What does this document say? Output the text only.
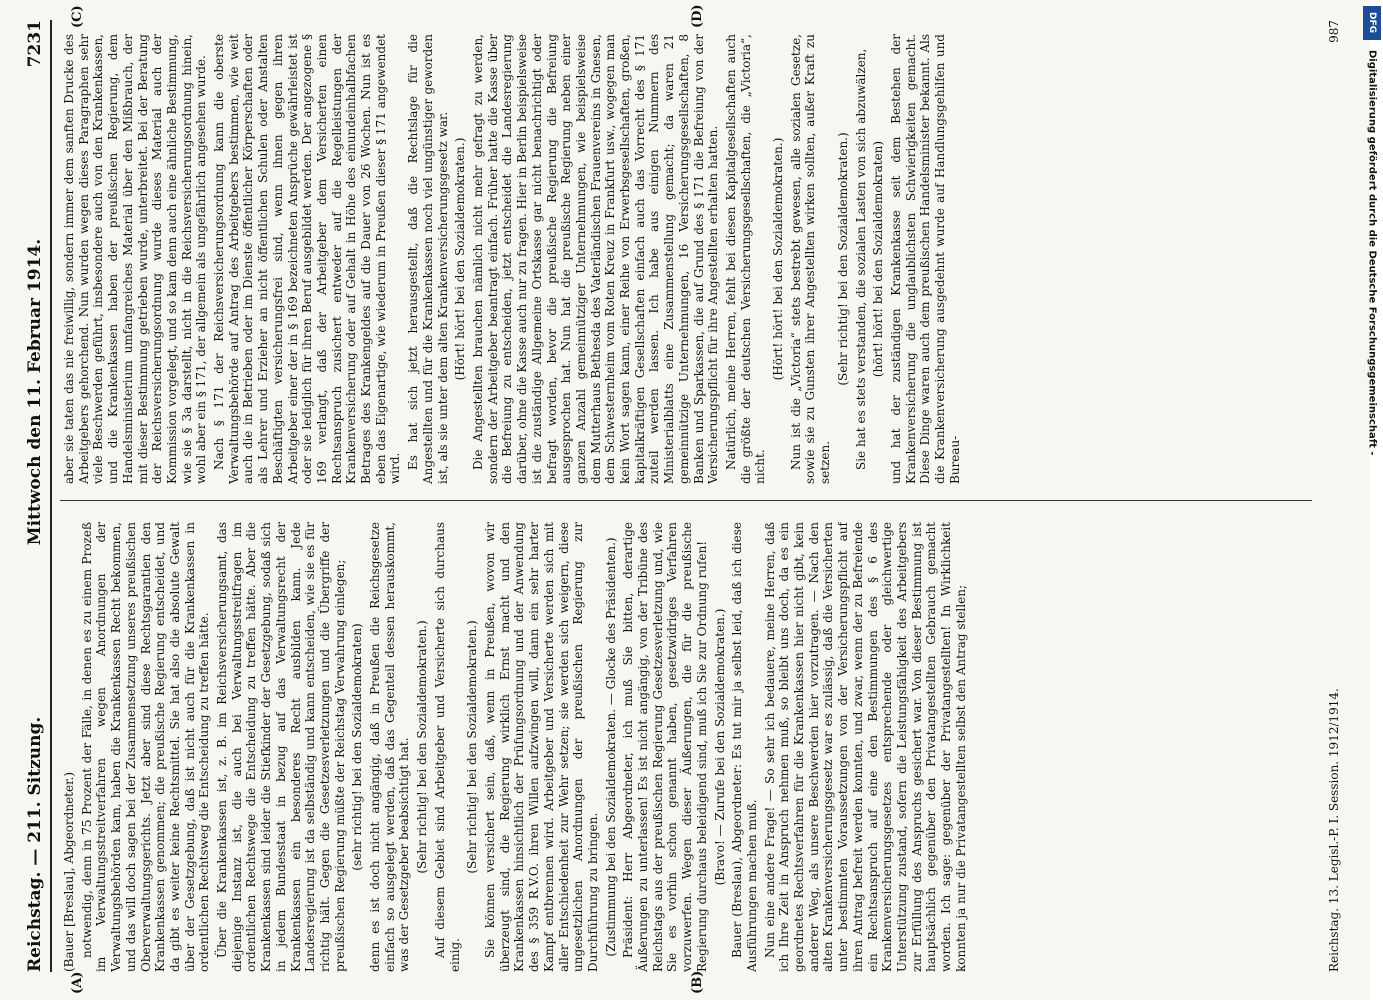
Reichstag. — 211. Sitzung.
Mittwoch den 11. Februar 1914.
7231
(A)	(B)
(C)	(D)

(Bauer [Breslau], Abgeordneter.) notwendig, denn in 75 Prozent der Fälle, in denen es zu einem Prozeß im Verwaltungsstreitverfahren wegen Anordnungen der Verwaltungsbehörden kam, haben die Krankenkassen Recht bekommen, und das will doch sagen bei der Zusammensetzung unseres preußischen Oberverwaltungsgerichts. Jetzt aber sind diese Rechtsgarantien den Krankenkassen genommen; die preußische Regierung entscheidet, und da gibt es weiter keine Rechtsmittel. Sie hat also die absolute Gewalt über der Gesetzgebung, daß ist nicht auch für die Krankenkassen in ordentlichen Rechtsweg die Entscheidung zu treffen hätte. Über die Krankenkassen ist, z. B. im Reichsversicherungsamt, das diejenige Instanz ist, die auch bei Verwaltungsstreitfragen im ordentlichen Rechtswege die Entscheidung zu treffen hätte. Aber die Krankenkassen sind leider die Stiefkinder der Gesetzgebung, sodaß sich in jedem Bundesstaat in bezug auf das Verwaltungsrecht der Krankenkassen ein besonderes Recht ausbilden kann. Jede Landesregierung ist da selbständig und kann entscheiden, wie sie es für richtig hält. Gegen die Gesetzesverletzungen und die Übergriffe der preußischen Regierung müßte der Reichstag Verwahrung einlegen; (sehr richtig! bei den Sozialdemokraten) denn es ist doch nicht angängig, daß in Preußen die Reichsgesetze einfach so ausgelegt werden, daß das Gegenteil dessen herauskommt, was der Gesetzgeber beabsichtigt hat. (Sehr richtig! bei den Sozialdemokraten.) Auf diesem Gebiet sind Arbeitgeber und Versicherte sich durchaus einig.

(Sehr richtig! bei den Sozialdemokraten.) Sie können versichert sein, daß, wenn in Preußen, wovon wir überzeugt sind, die Regierung wirklich Ernst macht und den Krankenkassen hinsichtlich der Prüfungsordnung und der Anwendung des § 359 R.V.O. ihren Willen aufzwingen will, dann ein sehr harter Kampf entbrennen wird. Arbeitgeber und Versicherte werden sich mit aller Entschiedenheit zur Wehr setzen; sie werden sich weigern, diese ungesetzlichen Anordnungen der preußischen Regierung zur Durchführung zu bringen. (Zustimmung bei den Sozialdemokraten. — Glocke des Präsidenten.) Präsident: Herr Abgeordneter, ich muß Sie bitten, derartige Äußerungen zu unterlassen! Es ist nicht angängig, von der Tribüne des Reichstags aus der preußischen Regierung Gesetzesverletzung und, wie Sie es vorhin schon genannt haben, gesetzwidriges Verfahren vorzuwerfen. Wegen dieser Äußerungen, die für die preußische Regierung durchaus beleidigend sind, muß ich Sie zur Ordnung rufen! (Bravo! — Zurufe bei den Sozialdemokraten.) Bauer (Breslau), Abgeordneter: Es tut mir ja selbst leid, daß ich diese Ausführungen machen muß. Nun eine andere Frage! — So sehr ich bedauere, meine Herren, daß ich Ihre Zeit in Anspruch nehmen muß, so bleibt uns doch, da es ein geordnetes Rechtsverfahren für die Krankenkassen hier nicht gibt, kein anderer Weg, als unsere Beschwerden hier vorzutragen. — Nach den alten Krankenversicherungsgesetz war es zulässig, daß die Versicherten unter bestimmten Voraussetzungen von der Versicherungspflicht auf ihren Antrag befreit werden konnten, und zwar, wenn der zu Befreiende ein Rechtsanspruch auf eine den Bestimmungen des § 6 des Krankenversicherungsgesetzes entsprechende oder gleichwertige Unterstützung zustand, sofern die Leistungsfähigkeit des Arbeitgebers zur Erfüllung des Anspruchs gesichert war. Von dieser Bestimmung ist hauptsächlich gegenüber den Privatangestellten Gebrauch gemacht worden. Ich sage: gegenüber der Privatangestellten! In Wirklichkeit konnten ja nur die Privatangestellten selbst den Antrag stellen;

aber sie taten das nie freiwillig, sondern immer dem sanften Drucke des Arbeitgebers gehorchend. Nun wurden wegen dieses Paragraphen sehr viele Beschwerden geführt, insbesondere auch von den Krankenkassen, und die Krankenkassen haben der preußischen Regierung, dem Handelsministerium umfangreiches Material über den Mißbrauch, der mit dieser Bestimmung getrieben wurde, unterbreitet. Bei der Beratung der Reichsversicherungsordnung wurde dieses Material auch der Kommission vorgelegt, und so kam denn auch eine ähnliche Bestimmung, wie sie § 3a darstellt, nicht in die Reichsversicherungsordnung hinein, wohl aber ein § 171, der allgemein als ungefährlich angesehen wurde. Nach § 171 der Reichsversicherungsordnung kann die oberste Verwaltungsbehörde auf Antrag des Arbeitgebers bestimmen, wie weit auch die in Betrieben oder im Dienste öffentlicher Körperschaften oder als Lehrer und Erzieher an nicht öffentlichen Schulen oder Anstalten Beschäftigten versicherungsfrei sind, wenn ihnen gegen ihren Arbeitgeber einer der in § 169 bezeichneten Ansprüche gewährleistet ist oder sie lediglich für ihren Beruf ausgebildet werden. Der angezogene § 169 verlangt, daß der Arbeitgeber dem Versicherten einen Rechtsanspruch zusichert entweder auf die Regelleistungen der Krankenversicherung oder auf Gehalt in Höhe des einundeinhalbfachen Betrages des Krankengeldes auf die Dauer von 26 Wochen. Nun ist es eben das Eigenartige, wie wiederum in Preußen dieser § 171 angewendet wird. Es hat sich jetzt herausgestellt, daß die Rechtslage für die Angestellten und für die Krankenkassen noch viel ungünstiger geworden ist, als sie unter dem alten Krankenversicherungsgesetz war. (Hört! hört! bei den Sozialdemokraten.) Die Angestellten brauchen nämlich nicht mehr gefragt zu werden, sondern der Arbeitgeber beantragt einfach. Früher hatte die Kasse über die Befreiung zu entscheiden, jetzt entscheidet die Landesregierung darüber, ohne die Kasse auch nur zu fragen. Hier in Berlin beispielsweise ist die zuständige Allgemeine Ortskasse gar nicht benachrichtigt oder befragt worden, bevor die preußische Regierung die Befreiung ausgesprochen hat. Nun hat die preußische Regierung neben einer ganzen Anzahl gemeinnütziger Unternehmungen, wie beispielsweise dem Mutterhaus Bethesda des Vaterländischen Frauenvereins in Gnesen, dem Schwesternheim vom Roten Kreuz in Frankfurt usw., wogegen man kein Wort sagen kann, einer Reihe von Erwerbsgesellschaften, großen, kapitalkräftigen Gesellschaften einfach auch das Vorrecht des § 171 zuteil werden lassen. Ich habe aus einigen Nummern des Ministerialblatts eine Zusammenstellung gemacht; da waren 21 gemeinnützige Unternehmungen, 16 Versicherungsgesellschaften, 8 Banken und Sparkassen, die auf Grund des § 171 die Befreiung von der Versicherungspflicht für ihre Angestellten erhalten hatten. Natürlich, meine Herren, fehlt bei diesen Kapitalgesellschaften auch die größte der deutschen Versicherungsgesellschaften, die „Victoria“, nicht.

(Hört! hört! bei den Sozialdemokraten.) Nun ist die „Victoria“ stets bestrebt gewesen, alle sozialen Gesetze, sowie sie zu Gunsten ihrer Angestellten wirken sollten, außer Kraft zu setzen.

(Sehr richtig! bei den Sozialdemokraten.) Sie hat es stets verstanden, die sozialen Lasten von sich abzuwälzen, (hört! hört! bei den Sozialdemokraten) und hat der zuständigen Krankenkasse seit dem Bestehen der Krankenversicherung die unglaublichsten Schwierigkeiten gemacht. Diese Dinge waren auch dem preußischen Handelsminister bekannt. Als die Krankenversicherung ausgedehnt wurde auf Handlungsgehilfen und Bureau-

Reichstag. 13. Legisl.-P. I. Session. 1912/1914.
987	DFG
Digitalisierung gefördert durch die Deutsche Forschungsgemeinschaft -
